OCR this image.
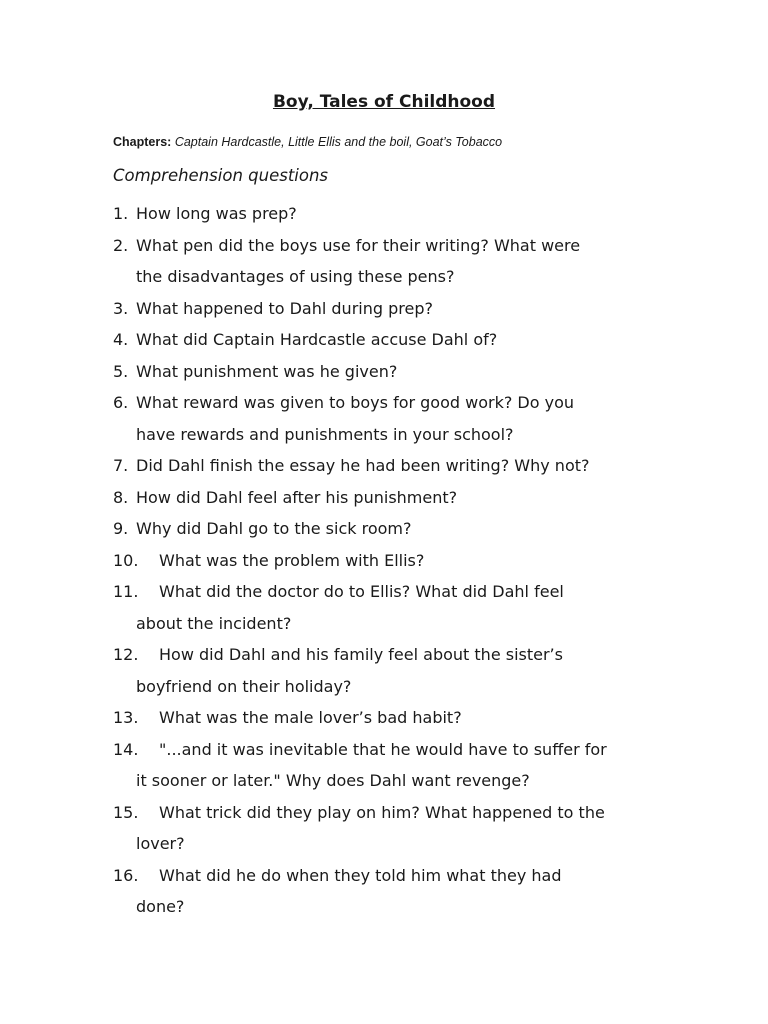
Boy, Tales of Childhood
Chapters: Captain Hardcastle, Little Ellis and the boil, Goat’s Tobacco
Comprehension questions
1. How long was prep?
2. What pen did the boys use for their writing? What were
the disadvantages of using these pens?
3. What happened to Dahl during prep?
4. What did Captain Hardcastle accuse Dahl of?
5. What punishment was he given?
6. What reward was given to boys for good work? Do you
have rewards and punishments in your school?
7. Did Dahl finish the essay he had been writing? Why not?
8. How did Dahl feel after his punishment?
9. Why did Dahl go to the sick room?
10. What was the problem with Ellis?
11. What did the doctor do to Ellis? What did Dahl feel
about the incident?
12. How did Dahl and his family feel about the sister’s
boyfriend on their holiday?
13. What was the male lover’s bad habit?
14. "...and it was inevitable that he would have to suffer for
it sooner or later." Why does Dahl want revenge?
15. What trick did they play on him? What happened to the
lover?
16. What did he do when they told him what they had
done?
